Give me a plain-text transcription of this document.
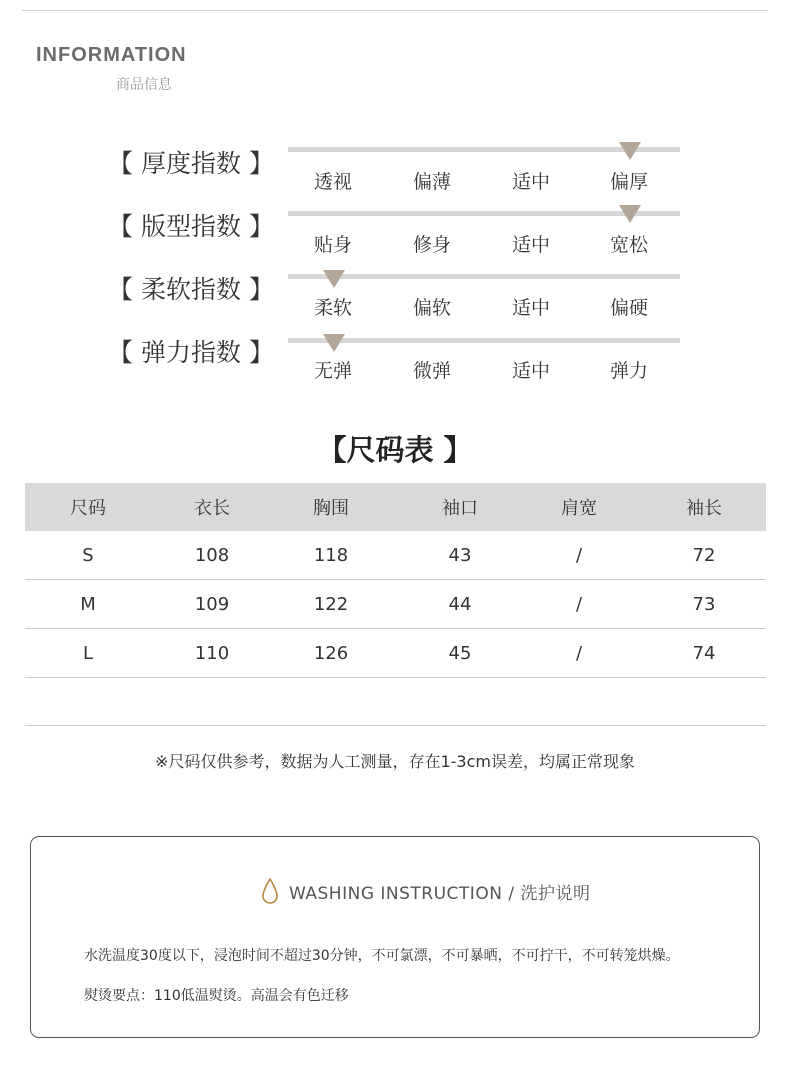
INFORMATION
商品信息
【 厚度指数 】
透视	偏薄	适中	偏厚
【 版型指数 】
贴身	修身	适中	宽松
【 柔软指数 】
柔软	偏软	适中	偏硬
【 弹力指数 】
无弹	微弹	适中	弹力
【尺码表 】
尺码	衣长	胸围	袖口	肩宽	袖长
S	108	118	43	/	72
M	109	122	44	/	73
L	110	126	45	/	74
※尺码仅供参考，数据为人工测量，存在1-3cm误差，均属正常现象
WASHING INSTRUCTION / 洗护说明
水洗温度30度以下，浸泡时间不超过30分钟，不可氯漂，不可暴晒，不可拧干，不可转笼烘燥。
熨烫要点：110低温熨烫。高温会有色迁移
